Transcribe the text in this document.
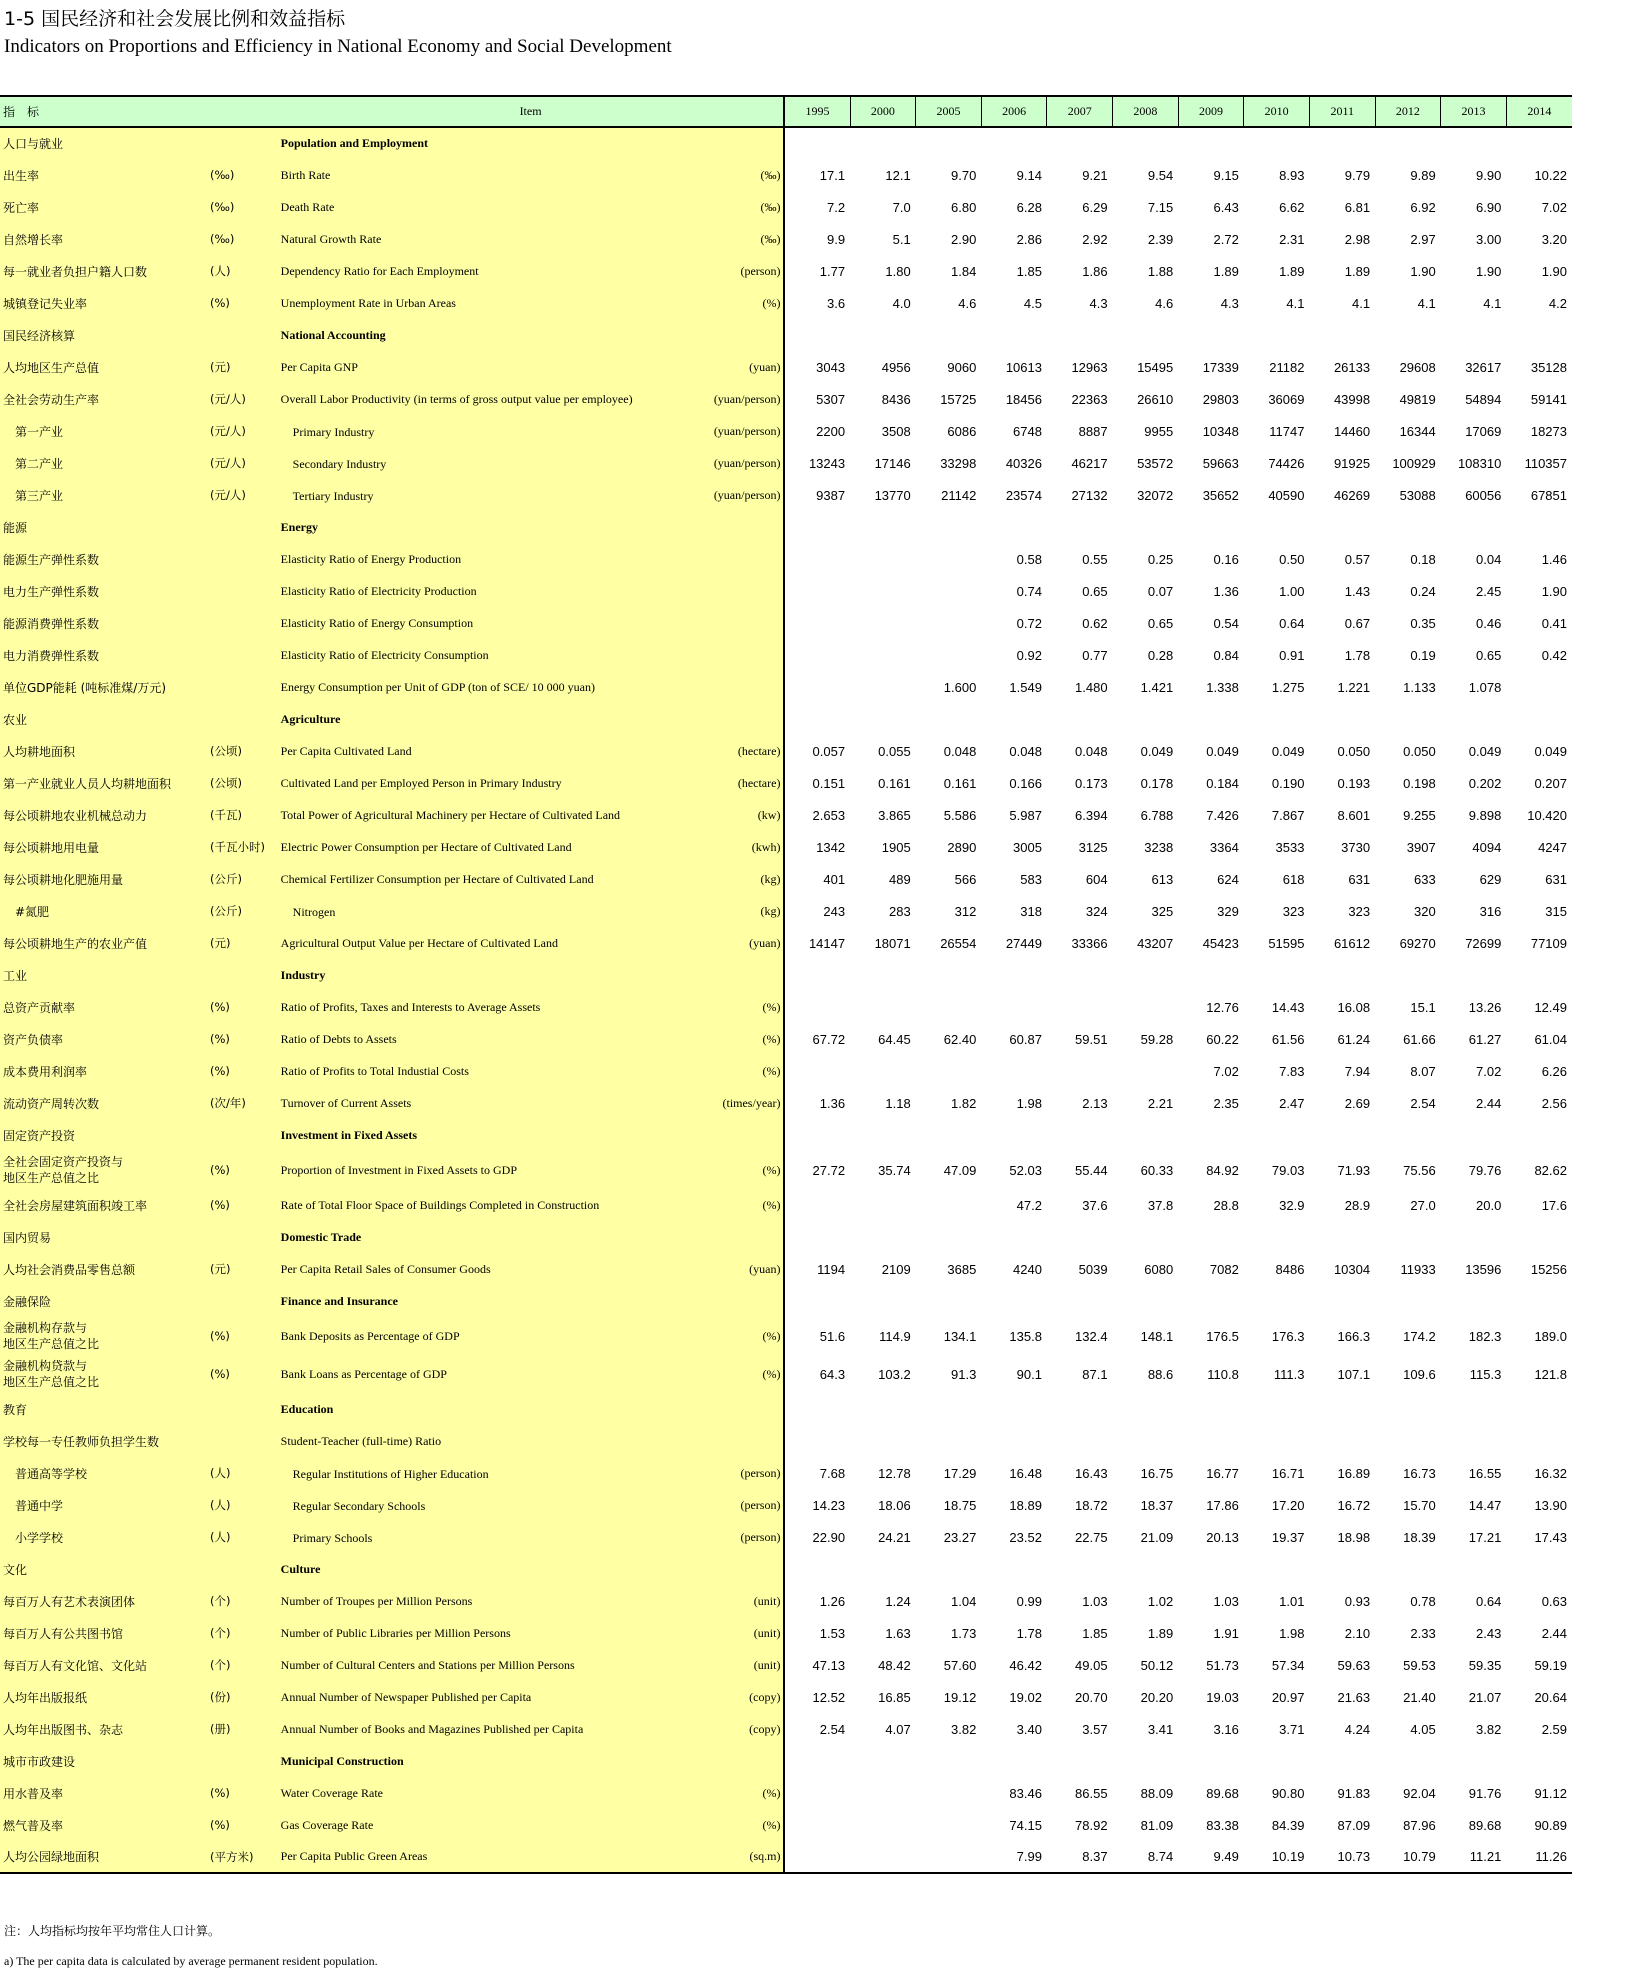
1-5 国民经济和社会发展比例和效益指标
Indicators on Proportions and Efficiency in National Economy and Social Development
指　标		Item		1995	2000	2005	2006	2007	2008	2009	2010	2011	2012	2013	2014
人口与就业		Population and Employment													
出生率	(‰)	Birth Rate	(‰)	17.1	12.1	9.70	9.14	9.21	9.54	9.15	8.93	9.79	9.89	9.90	10.22
死亡率	(‰)	Death Rate	(‰)	7.2	7.0	6.80	6.28	6.29	7.15	6.43	6.62	6.81	6.92	6.90	7.02
自然增长率	(‰)	Natural Growth Rate	(‰)	9.9	5.1	2.90	2.86	2.92	2.39	2.72	2.31	2.98	2.97	3.00	3.20
每一就业者负担户籍人口数	(人)	Dependency Ratio for Each Employment	(person)	1.77	1.80	1.84	1.85	1.86	1.88	1.89	1.89	1.89	1.90	1.90	1.90
城镇登记失业率	(%)	Unemployment Rate in Urban Areas	(%)	3.6	4.0	4.6	4.5	4.3	4.6	4.3	4.1	4.1	4.1	4.1	4.2
国民经济核算		National Accounting													
人均地区生产总值	(元)	Per Capita GNP	(yuan)	3043	4956	9060	10613	12963	15495	17339	21182	26133	29608	32617	35128
全社会劳动生产率	(元/人)	Overall Labor Productivity (in terms of gross output value per employee)	(yuan/person)	5307	8436	15725	18456	22363	26610	29803	36069	43998	49819	54894	59141
　第一产业	(元/人)	　Primary Industry	(yuan/person)	2200	3508	6086	6748	8887	9955	10348	11747	14460	16344	17069	18273
　第二产业	(元/人)	　Secondary Industry	(yuan/person)	13243	17146	33298	40326	46217	53572	59663	74426	91925	100929	108310	110357
　第三产业	(元/人)	　Tertiary Industry	(yuan/person)	9387	13770	21142	23574	27132	32072	35652	40590	46269	53088	60056	67851
能源		Energy													
能源生产弹性系数		Elasticity Ratio of Energy Production					0.58	0.55	0.25	0.16	0.50	0.57	0.18	0.04	1.46
电力生产弹性系数		Elasticity Ratio of Electricity Production					0.74	0.65	0.07	1.36	1.00	1.43	0.24	2.45	1.90
能源消费弹性系数		Elasticity Ratio of Energy Consumption					0.72	0.62	0.65	0.54	0.64	0.67	0.35	0.46	0.41
电力消费弹性系数		Elasticity Ratio of Electricity Consumption					0.92	0.77	0.28	0.84	0.91	1.78	0.19	0.65	0.42
单位GDP能耗 (吨标准煤/万元)		Energy Consumption per Unit of GDP (ton of SCE/ 10 000 yuan)				1.600	1.549	1.480	1.421	1.338	1.275	1.221	1.133	1.078	
农业		Agriculture													
人均耕地面积	(公顷)	Per Capita Cultivated Land	(hectare)	0.057	0.055	0.048	0.048	0.048	0.049	0.049	0.049	0.050	0.050	0.049	0.049
第一产业就业人员人均耕地面积	(公顷)	Cultivated Land per Employed Person in Primary Industry	(hectare)	0.151	0.161	0.161	0.166	0.173	0.178	0.184	0.190	0.193	0.198	0.202	0.207
每公顷耕地农业机械总动力	(千瓦)	Total Power of Agricultural Machinery per Hectare of Cultivated Land	(kw)	2.653	3.865	5.586	5.987	6.394	6.788	7.426	7.867	8.601	9.255	9.898	10.420
每公顷耕地用电量	(千瓦小时)	Electric Power Consumption per Hectare of Cultivated Land	(kwh)	1342	1905	2890	3005	3125	3238	3364	3533	3730	3907	4094	4247
每公顷耕地化肥施用量	(公斤)	Chemical Fertilizer Consumption per Hectare of Cultivated Land	(kg)	401	489	566	583	604	613	624	618	631	633	629	631
　#氮肥	(公斤)	　Nitrogen	(kg)	243	283	312	318	324	325	329	323	323	320	316	315
每公顷耕地生产的农业产值	(元)	Agricultural Output Value per Hectare of Cultivated Land	(yuan)	14147	18071	26554	27449	33366	43207	45423	51595	61612	69270	72699	77109
工业		Industry													
总资产贡献率	(%)	Ratio of Profits, Taxes and Interests to Average Assets	(%)							12.76	14.43	16.08	15.1	13.26	12.49
资产负债率	(%)	Ratio of Debts to Assets	(%)	67.72	64.45	62.40	60.87	59.51	59.28	60.22	61.56	61.24	61.66	61.27	61.04
成本费用利润率	(%)	Ratio of Profits to Total Industial Costs	(%)							7.02	7.83	7.94	8.07	7.02	6.26
流动资产周转次数	(次/年)	Turnover of Current Assets	(times/year)	1.36	1.18	1.82	1.98	2.13	2.21	2.35	2.47	2.69	2.54	2.44	2.56
固定资产投资		Investment in Fixed Assets													

全社会固定资产投资与
地区生产总值之比	(%)	Proportion of Investment in Fixed Assets to GDP	(%)	27.72	35.74	47.09	52.03	55.44	60.33	84.92	79.03	71.93	75.56	79.76	82.62
全社会房屋建筑面积竣工率	(%)	Rate of Total Floor Space of Buildings Completed in Construction	(%)				47.2	37.6	37.8	28.8	32.9	28.9	27.0	20.0	17.6
国内贸易		Domestic Trade													
人均社会消费品零售总额	(元)	Per Capita Retail Sales of Consumer Goods	(yuan)	1194	2109	3685	4240	5039	6080	7082	8486	10304	11933	13596	15256
金融保险		Finance and Insurance													

金融机构存款与
地区生产总值之比	(%)	Bank Deposits as Percentage of GDP	(%)	51.6	114.9	134.1	135.8	132.4	148.1	176.5	176.3	166.3	174.2	182.3	189.0

金融机构贷款与
地区生产总值之比	(%)	Bank Loans as Percentage of GDP	(%)	64.3	103.2	91.3	90.1	87.1	88.6	110.8	111.3	107.1	109.6	115.3	121.8
教育		Education													
学校每一专任教师负担学生数		Student-Teacher (full-time) Ratio													
　普通高等学校	(人)	　Regular Institutions of Higher Education	(person)	7.68	12.78	17.29	16.48	16.43	16.75	16.77	16.71	16.89	16.73	16.55	16.32
　普通中学	(人)	　Regular Secondary Schools	(person)	14.23	18.06	18.75	18.89	18.72	18.37	17.86	17.20	16.72	15.70	14.47	13.90
　小学学校	(人)	　Primary Schools	(person)	22.90	24.21	23.27	23.52	22.75	21.09	20.13	19.37	18.98	18.39	17.21	17.43
文化		Culture													
每百万人有艺术表演团体	(个)	Number of Troupes per Million Persons	(unit)	1.26	1.24	1.04	0.99	1.03	1.02	1.03	1.01	0.93	0.78	0.64	0.63
每百万人有公共图书馆	(个)	Number of Public Libraries per Million Persons	(unit)	1.53	1.63	1.73	1.78	1.85	1.89	1.91	1.98	2.10	2.33	2.43	2.44
每百万人有文化馆、文化站	(个)	Number of Cultural Centers and Stations per Million Persons	(unit)	47.13	48.42	57.60	46.42	49.05	50.12	51.73	57.34	59.63	59.53	59.35	59.19
人均年出版报纸	(份)	Annual Number of Newspaper Published per Capita	(copy)	12.52	16.85	19.12	19.02	20.70	20.20	19.03	20.97	21.63	21.40	21.07	20.64
人均年出版图书、杂志	(册)	Annual Number of Books and Magazines Published per Capita	(copy)	2.54	4.07	3.82	3.40	3.57	3.41	3.16	3.71	4.24	4.05	3.82	2.59
城市市政建设		Municipal Construction													
用水普及率	(%)	Water Coverage Rate	(%)				83.46	86.55	88.09	89.68	90.80	91.83	92.04	91.76	91.12
燃气普及率	(%)	Gas Coverage Rate	(%)				74.15	78.92	81.09	83.38	84.39	87.09	87.96	89.68	90.89
人均公园绿地面积	(平方米)	Per Capita Public Green Areas	(sq.m)				7.99	8.37	8.74	9.49	10.19	10.73	10.79	11.21	11.26
注：人均指标均按年平均常住人口计算。
a) The per capita data is calculated by average permanent resident population.
